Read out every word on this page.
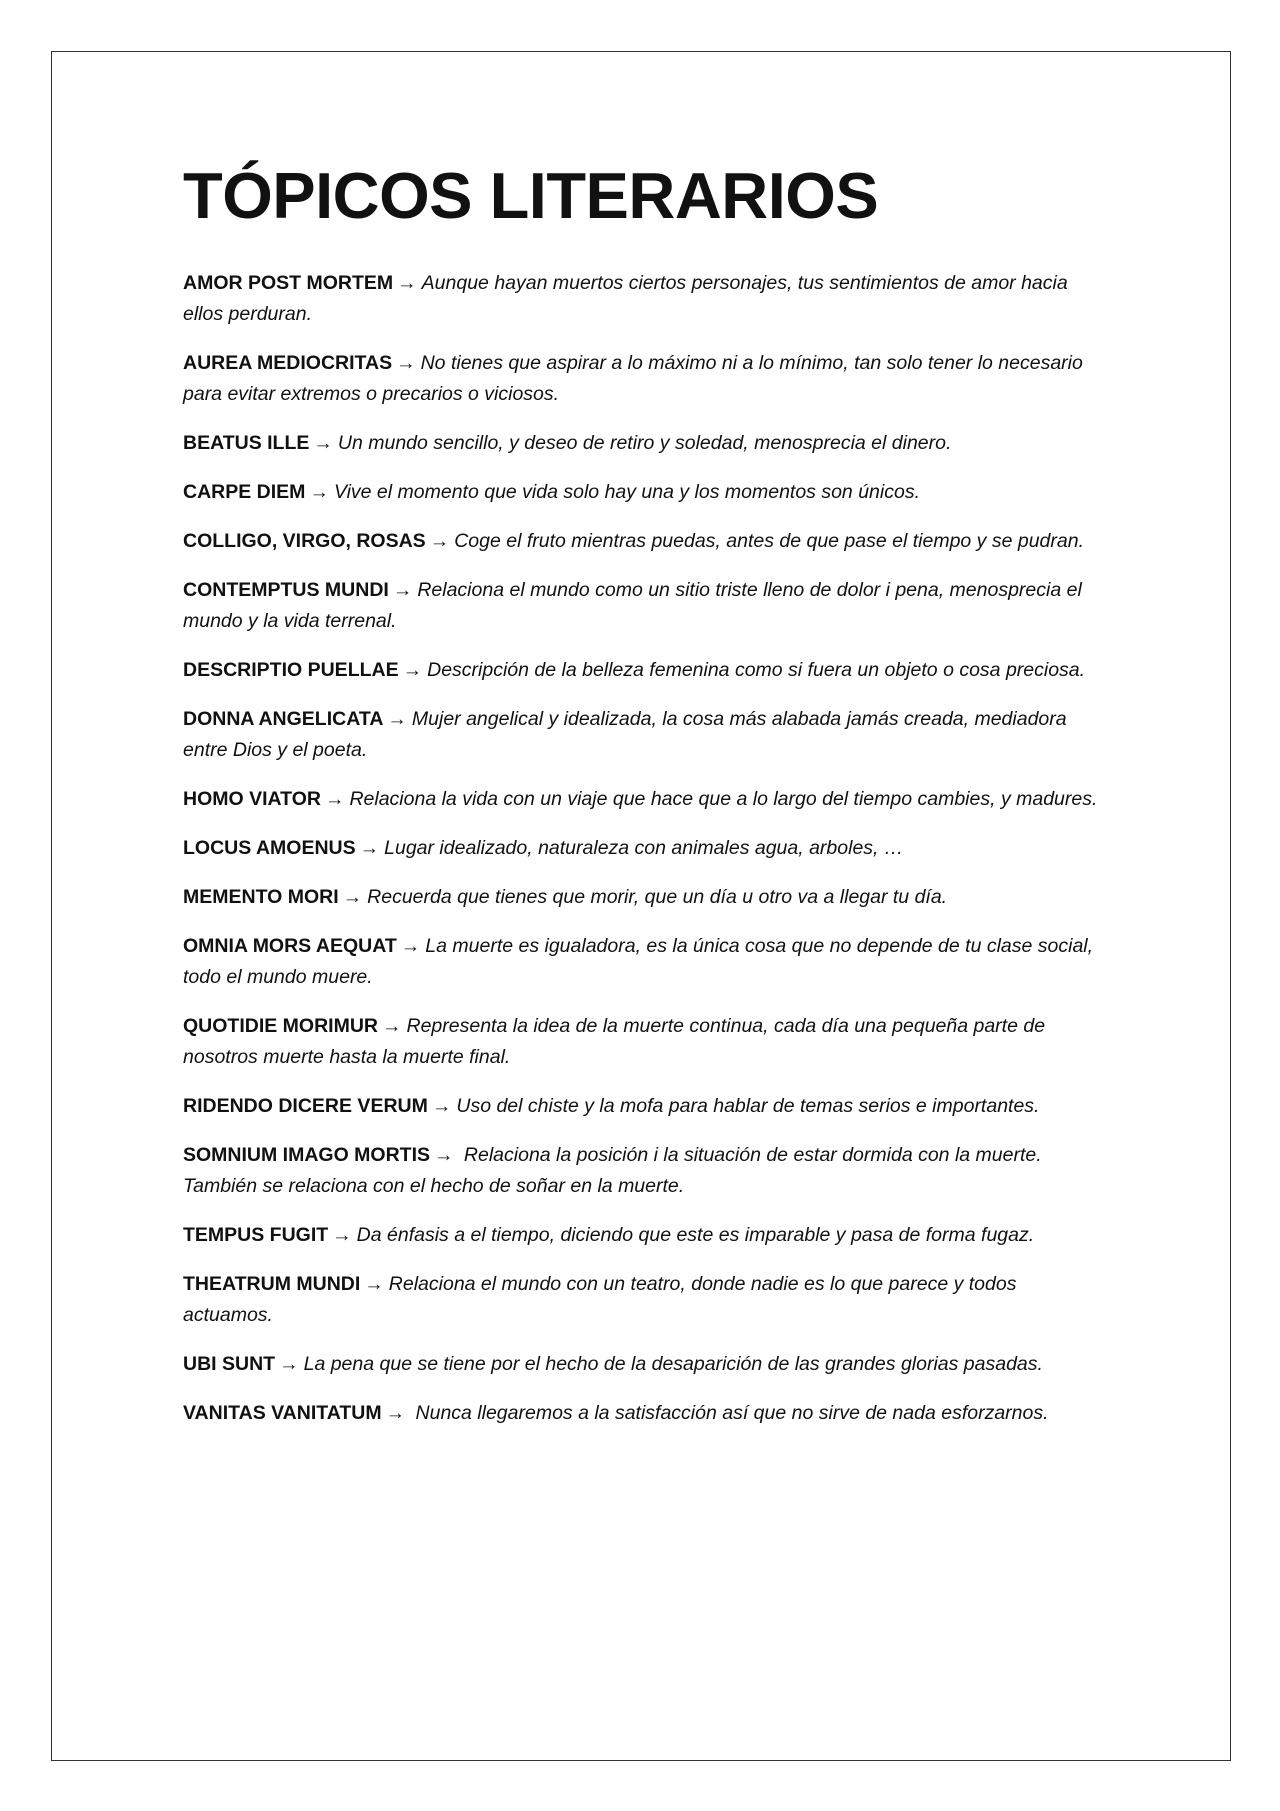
TÓPICOS LITERARIOS

AMOR POST MORTEM → Aunque hayan muertos ciertos personajes, tus sentimientos de amor hacia ellos perduran.

AUREA MEDIOCRITAS → No tienes que aspirar a lo máximo ni a lo mínimo, tan solo tener lo necesario para evitar extremos o precarios o viciosos.

BEATUS ILLE → Un mundo sencillo, y deseo de retiro y soledad, menosprecia el dinero.

CARPE DIEM → Vive el momento que vida solo hay una y los momentos son únicos.

COLLIGO, VIRGO, ROSAS → Coge el fruto mientras puedas, antes de que pase el tiempo y se pudran.

CONTEMPTUS MUNDI → Relaciona el mundo como un sitio triste lleno de dolor i pena, menosprecia el mundo y la vida terrenal.

DESCRIPTIO PUELLAE → Descripción de la belleza femenina como si fuera un objeto o cosa preciosa.

DONNA ANGELICATA → Mujer angelical y idealizada, la cosa más alabada jamás creada, mediadora entre Dios y el poeta.

HOMO VIATOR → Relaciona la vida con un viaje que hace que a lo largo del tiempo cambies, y madures.

LOCUS AMOENUS → Lugar idealizado, naturaleza con animales agua, arboles, …

MEMENTO MORI → Recuerda que tienes que morir, que un día u otro va a llegar tu día.

OMNIA MORS AEQUAT → La muerte es igualadora, es la única cosa que no depende de tu clase social, todo el mundo muere.

QUOTIDIE MORIMUR → Representa la idea de la muerte continua, cada día una pequeña parte de nosotros muerte hasta la muerte final.

RIDENDO DICERE VERUM → Uso del chiste y la mofa para hablar de temas serios e importantes.

SOMNIUM IMAGO MORTIS → Relaciona la posición i la situación de estar dormida con la muerte. También se relaciona con el hecho de soñar en la muerte.

TEMPUS FUGIT → Da énfasis a el tiempo, diciendo que este es imparable y pasa de forma fugaz.

THEATRUM MUNDI → Relaciona el mundo con un teatro, donde nadie es lo que parece y todos actuamos.

UBI SUNT → La pena que se tiene por el hecho de la desaparición de las grandes glorias pasadas.

VANITAS VANITATUM → Nunca llegaremos a la satisfacción así que no sirve de nada esforzarnos.
